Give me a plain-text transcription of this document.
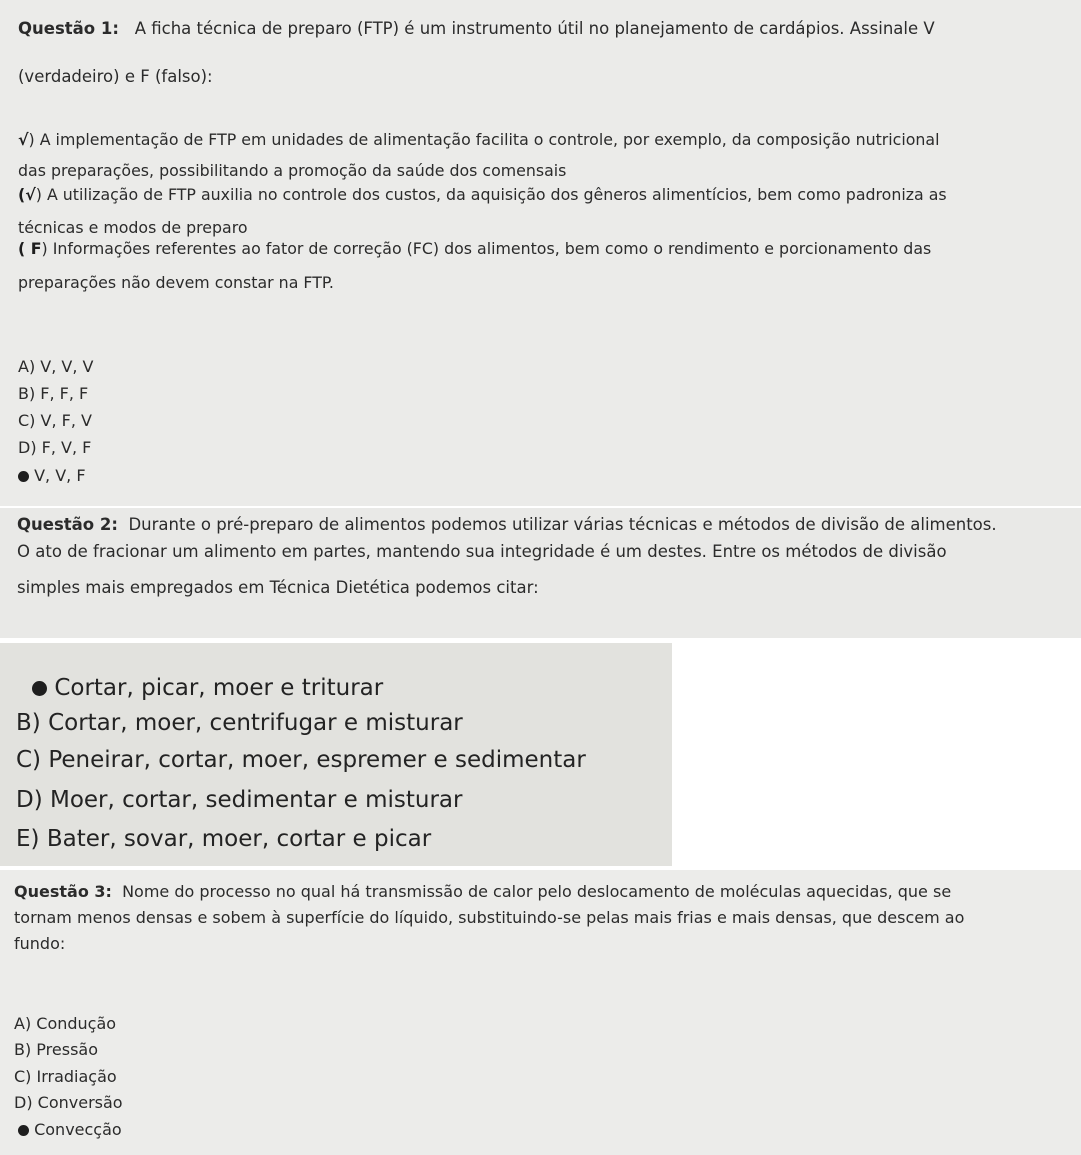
Questão 1: A ficha técnica de preparo (FTP) é um instrumento útil no planejamento de cardápios. Assinale V
(verdadeiro) e F (falso):
√) A implementação de FTP em unidades de alimentação facilita o controle, por exemplo, da composição nutricional
das preparações, possibilitando a promoção da saúde dos comensais
(√) A utilização de FTP auxilia no controle dos custos, da aquisição dos gêneros alimentícios, bem como padroniza as
técnicas e modos de preparo
( F) Informações referentes ao fator de correção (FC) dos alimentos, bem como o rendimento e porcionamento das
preparações não devem constar na FTP.
A) V, V, V
B) F, F, F
C) V, F, V
D) F, V, F
V, V, F
Questão 2: Durante o pré-preparo de alimentos podemos utilizar várias técnicas e métodos de divisão de alimentos.
O ato de fracionar um alimento em partes, mantendo sua integridade é um destes. Entre os métodos de divisão
simples mais empregados em Técnica Dietética podemos citar:
Cortar, picar, moer e triturar
B) Cortar, moer, centrifugar e misturar
C) Peneirar, cortar, moer, espremer e sedimentar
D) Moer, cortar, sedimentar e misturar
E) Bater, sovar, moer, cortar e picar
Questão 3: Nome do processo no qual há transmissão de calor pelo deslocamento de moléculas aquecidas, que se
tornam menos densas e sobem à superfície do líquido, substituindo-se pelas mais frias e mais densas, que descem ao
fundo:
A) Condução
B) Pressão
C) Irradiação
D) Conversão
Convecção
